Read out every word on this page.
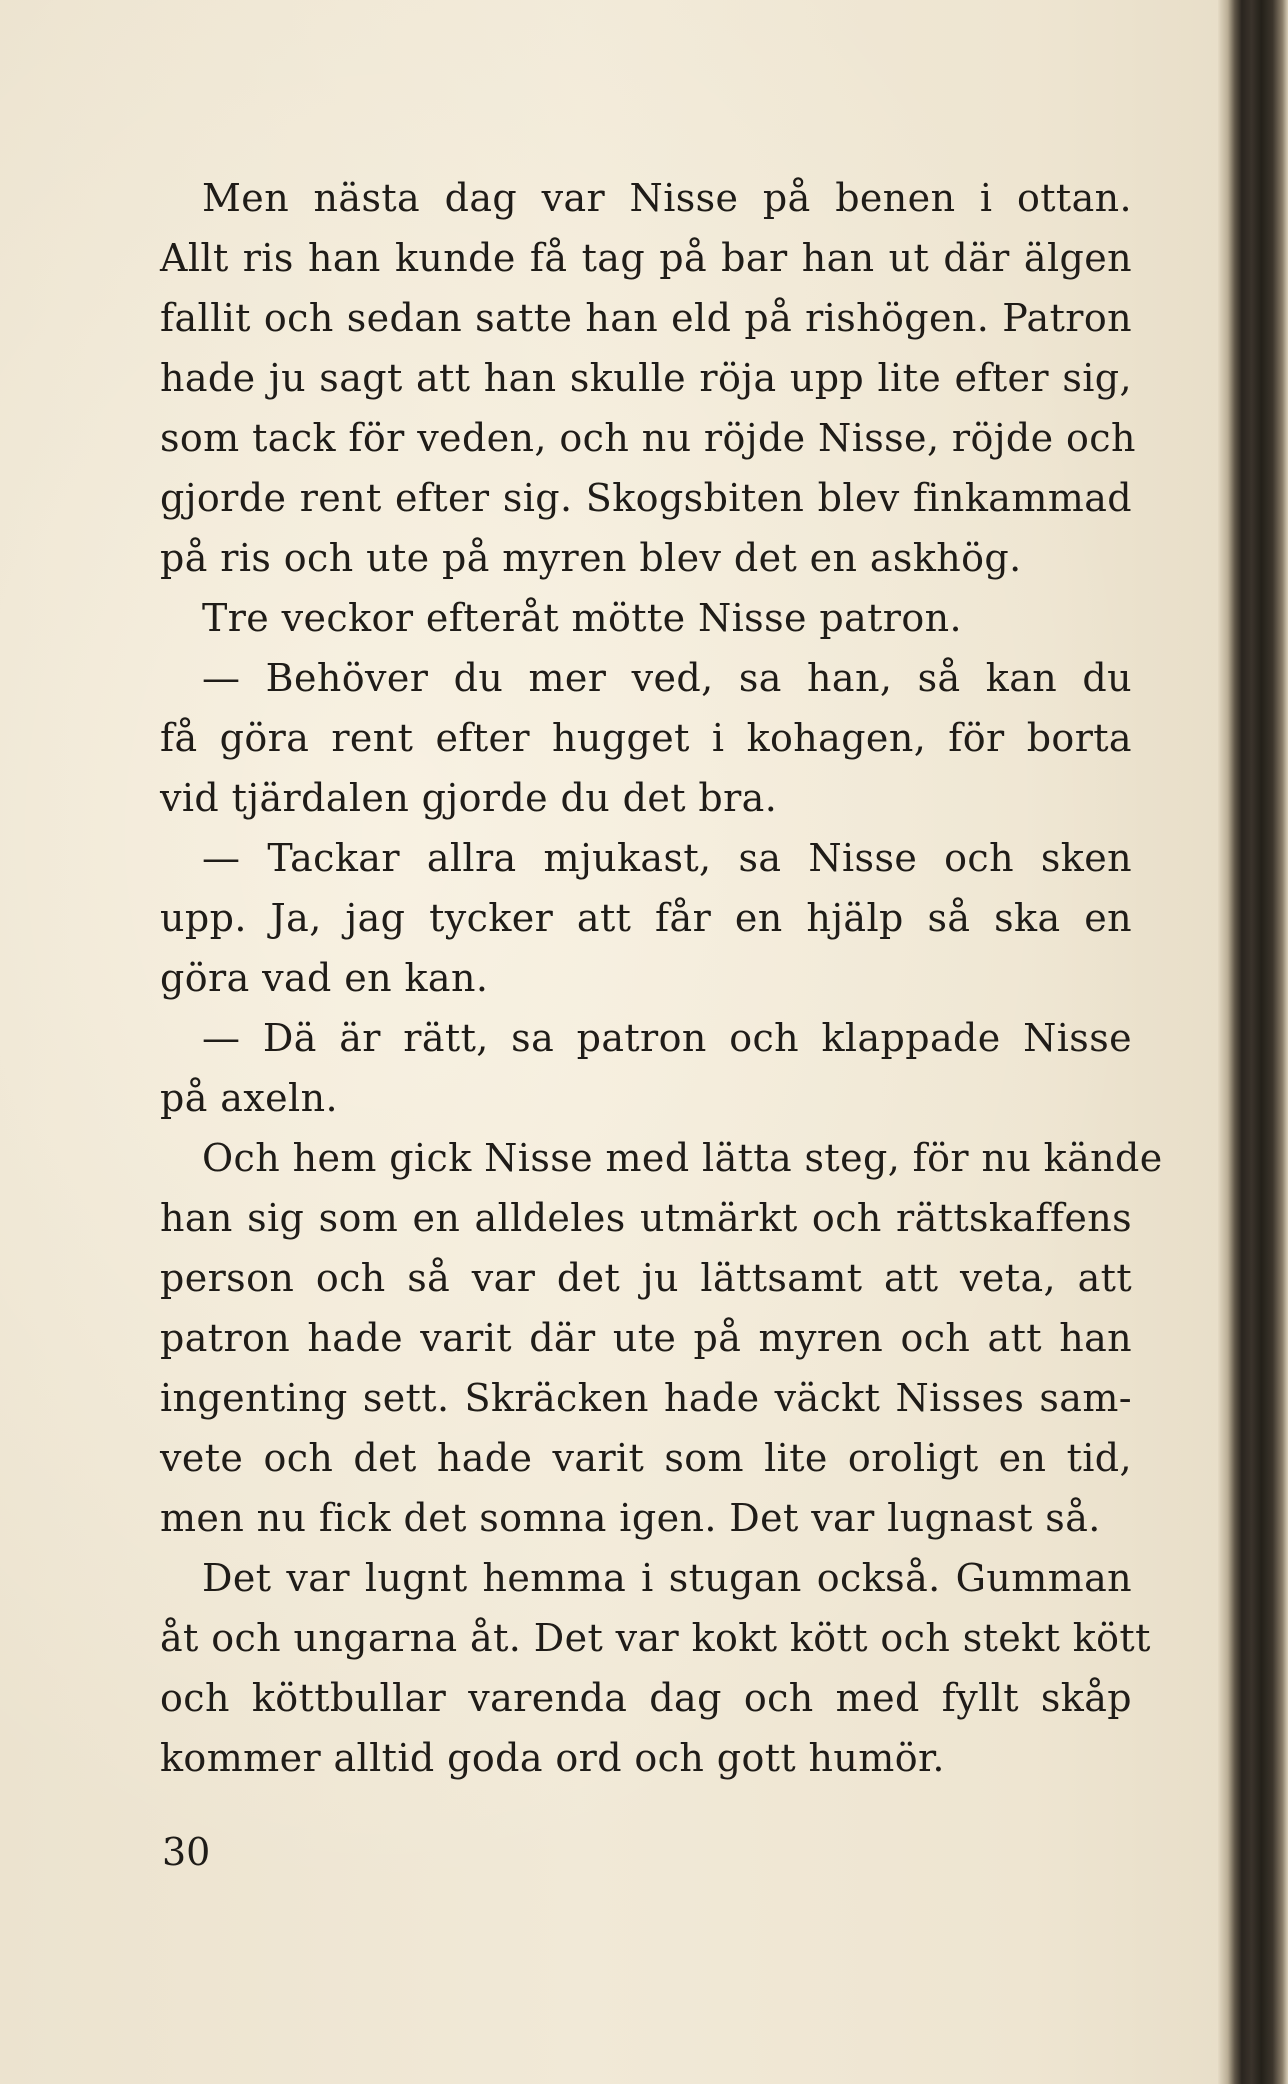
Men nästa dag var Nisse på benen i ottan.
Allt ris han kunde få tag på bar han ut där älgen
fallit och sedan satte han eld på rishögen. Patron
hade ju sagt att han skulle röja upp lite efter sig,
som tack för veden, och nu röjde Nisse, röjde och
gjorde rent efter sig. Skogsbiten blev finkammad
på ris och ute på myren blev det en askhög.
Tre veckor efteråt mötte Nisse patron.
— Behöver du mer ved, sa han, så kan du
få göra rent efter hugget i kohagen, för borta
vid tjärdalen gjorde du det bra.
— Tackar allra mjukast, sa Nisse och sken
upp. Ja, jag tycker att får en hjälp så ska en
göra vad en kan.
— Dä är rätt, sa patron och klappade Nisse
på axeln.
Och hem gick Nisse med lätta steg, för nu kände
han sig som en alldeles utmärkt och rättskaffens
person och så var det ju lättsamt att veta, att
patron hade varit där ute på myren och att han
ingenting sett. Skräcken hade väckt Nisses sam-
vete och det hade varit som lite oroligt en tid,
men nu fick det somna igen. Det var lugnast så.
Det var lugnt hemma i stugan också. Gumman
åt och ungarna åt. Det var kokt kött och stekt kött
och köttbullar varenda dag och med fyllt skåp
kommer alltid goda ord och gott humör.
30
